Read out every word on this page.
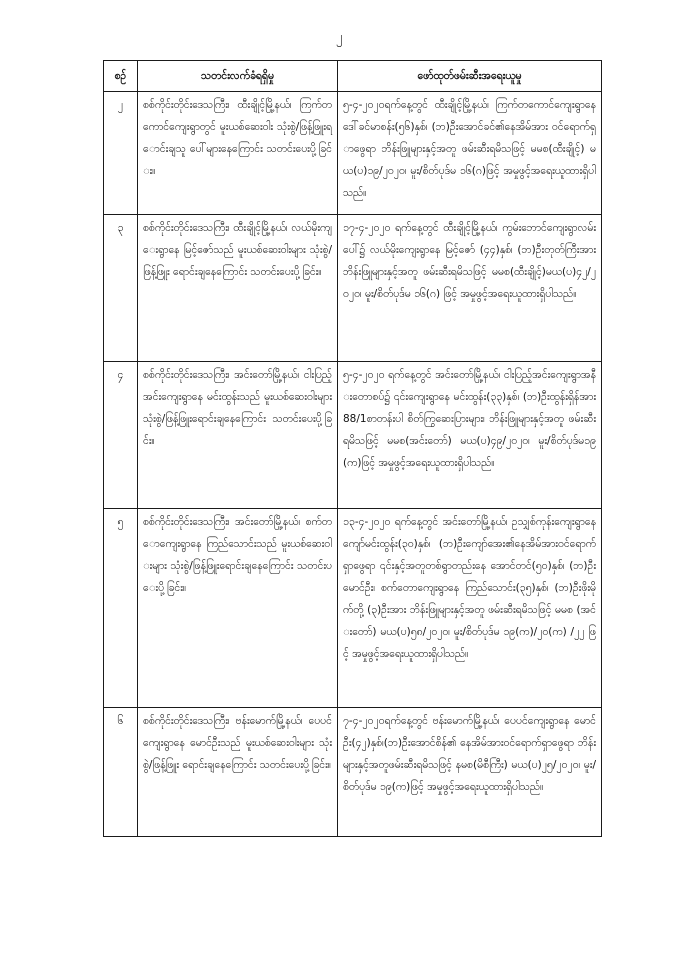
၂
စဉ်	သတင်းလက်ခံရရှိမှု	ဖော်ထုတ်ဖမ်းဆီးအရေးယူမှု
၂	စစ်ကိုင်းတိုင်းဒေသကြီး၊ ထီးချိုင့်မြို့နယ်၊ ကြက်တကောင်ကျေးရွာတွင် မူးယစ်ဆေးဝါး သုံးစွဲ/ဖြန့်ဖြူးရောင်းချသူ ပေါ်များနေကြောင်း သတင်းပေးပို့ခြင်း။	၅-၄-၂၀၂၀ရက်နေ့တွင် ထီးချိုင့်မြို့နယ်၊ ကြက်တကောင်ကျေးရွာနေ ဒေါ်ခင်မာစန်း(၅၆)နှစ်၊ (ဘ)ဦးအောင်ခင်၏နေအိမ်အား ဝင်ရောက်ရှာဖွေရာ ဘိန်းဖြူများနှင့်အတူ ဖမ်းဆီးရမိသဖြင့် မမစ(ထီးချိုင့်) မယ(ပ)၁၉/၂၀၂၀၊ မူး/စိတ်ပုဒ်မ ၁၆(ဂ)ဖြင့် အမှုဖွင့်အရေးယူထားရှိပါသည်။
၃	စစ်ကိုင်းတိုင်းဒေသကြီး၊ ထီးချိုင့်မြို့နယ်၊ လယ်မိုးကျေးရွာနေ မြင့်ဇော်သည် မူးယစ်ဆေးဝါးများ သုံးစွဲ/ဖြန့်ဖြူး ရောင်းချနေကြောင်း သတင်းပေးပို့ခြင်း။	၁၇-၄-၂၀၂၀ ရက်နေ့တွင် ထီးချိုင့်မြို့နယ်၊ ကွမ်းဘောင်ကျေးရွာလမ်းပေါ်၌ လယ်မိုးကျေးရွာနေ မြင့်ဇော် (၄၄)နှစ်၊ (ဘ)ဦးတုတ်ကြီးအား ဘိန်းဖြူများနှင့်အတူ ဖမ်းဆီးရမိသဖြင့် မမစ(ထီးချိုင့်)မယ(ပ)၄၂/၂၀၂၀၊ မူး/စိတ်ပုဒ်မ ၁၆(ဂ) ဖြင့် အမှုဖွင့်အရေးယူထားရှိပါသည်။
၄	စစ်ကိုင်းတိုင်းဒေသကြီး၊ အင်းတော်မြို့နယ်၊ ငါးပြည့်အင်းကျေးရွာနေ မင်းထွန်းသည် မူးယစ်ဆေးဝါးများ သုံးစွဲ/ဖြန့်ဖြူးရောင်းချနေကြောင်း သတင်းပေးပို့ခြင်း။	၅-၄-၂၀၂၀ ရက်နေ့တွင် အင်းတော်မြို့နယ်၊ ငါးပြည့်အင်းကျေးရွာအနီးတောစပ်၌ ၎င်းကျေးရွာနေ မင်းထွန်း(၃၃)နှစ်၊ (ဘ)ဦးထွန်းရှိန်အား 88/1စာတန်းပါ စိတ်ကြွဆေးပြားများ၊ ဘိန်းဖြူများနှင့်အတူ ဖမ်းဆီးရမိသဖြင့် မမစ(အင်းတော်) မယ(ပ)၄၉/၂၀၂၀၊ မူး/စိတ်ပုဒ်မ၁၉(က)ဖြင့် အမှုဖွင့်အရေးယူထားရှိပါသည်။
၅	စစ်ကိုင်းတိုင်းဒေသကြီး၊ အင်းတော်မြို့နယ်၊ စက်တောကျေးရွာနေ ကြည်သောင်းသည် မူးယစ်ဆေးဝါးများ သုံးစွဲ/ဖြန့်ဖြူးရောင်းချနေကြောင်း သတင်းပေးပို့ခြင်း။	၁၃-၄-၂၀၂၀ ရက်နေ့တွင် အင်းတော်မြို့နယ်၊ ဥသျှစ်ကုန်းကျေးရွာနေ ကျော်မင်းထွန်း(၃၀)နှစ်၊ (ဘ)ဦးကျော်အေး၏နေအိမ်အားဝင်ရောက်ရှာဖွေရာ ၎င်းနှင့်အတူတစ်ရွာတည်းနေ အောင်တင်(၅၀)နှစ်၊ (ဘ)ဦးမောင်ဦး၊ စက်တောကျေးရွာနေ ကြည်သောင်း(၃၅)နှစ်၊ (ဘ)ဦးဖိုးမိုက်တို့ (၃)ဦးအား ဘိန်းဖြူများနှင့်အတူ ဖမ်းဆီးရမိသဖြင့် မမစ (အင်းတော်) မယ(ပ)၅၈/၂၀၂၀၊ မူး/စိတ်ပုဒ်မ ၁၉(က)/၂၀(က) /၂၂ ဖြင့် အမှုဖွင့်အရေးယူထားရှိပါသည်။
၆	စစ်ကိုင်းတိုင်းဒေသကြီး၊ ဗန်းမောက်မြို့နယ်၊ ပေပင်ကျေးရွာနေ မောင်ဦးသည် မူးယစ်ဆေးဝါးများ သုံးစွဲ/ဖြန့်ဖြူး ရောင်းချနေကြောင်း သတင်းပေးပို့ခြင်း။	၇-၄-၂၀၂၀ရက်နေ့တွင် ဗန်းမောက်မြို့နယ်၊ ပေပင်ကျေးရွာနေ မောင်ဦး(၄၂)နှစ်၊(ဘ)ဦးအောင်စိန်၏ နေအိမ်အားဝင်ရောက်ရှာဖွေရာ ဘိန်းများနှင့်အတူဖမ်းဆီးရမိသဖြင့် နမစ(မိစီကြီး) မယ(ပ)၂၅/၂၀၂၀၊ မူး/စိတ်ပုဒ်မ ၁၉(က)ဖြင့် အမှုဖွင့်အရေးယူထားရှိပါသည်။
